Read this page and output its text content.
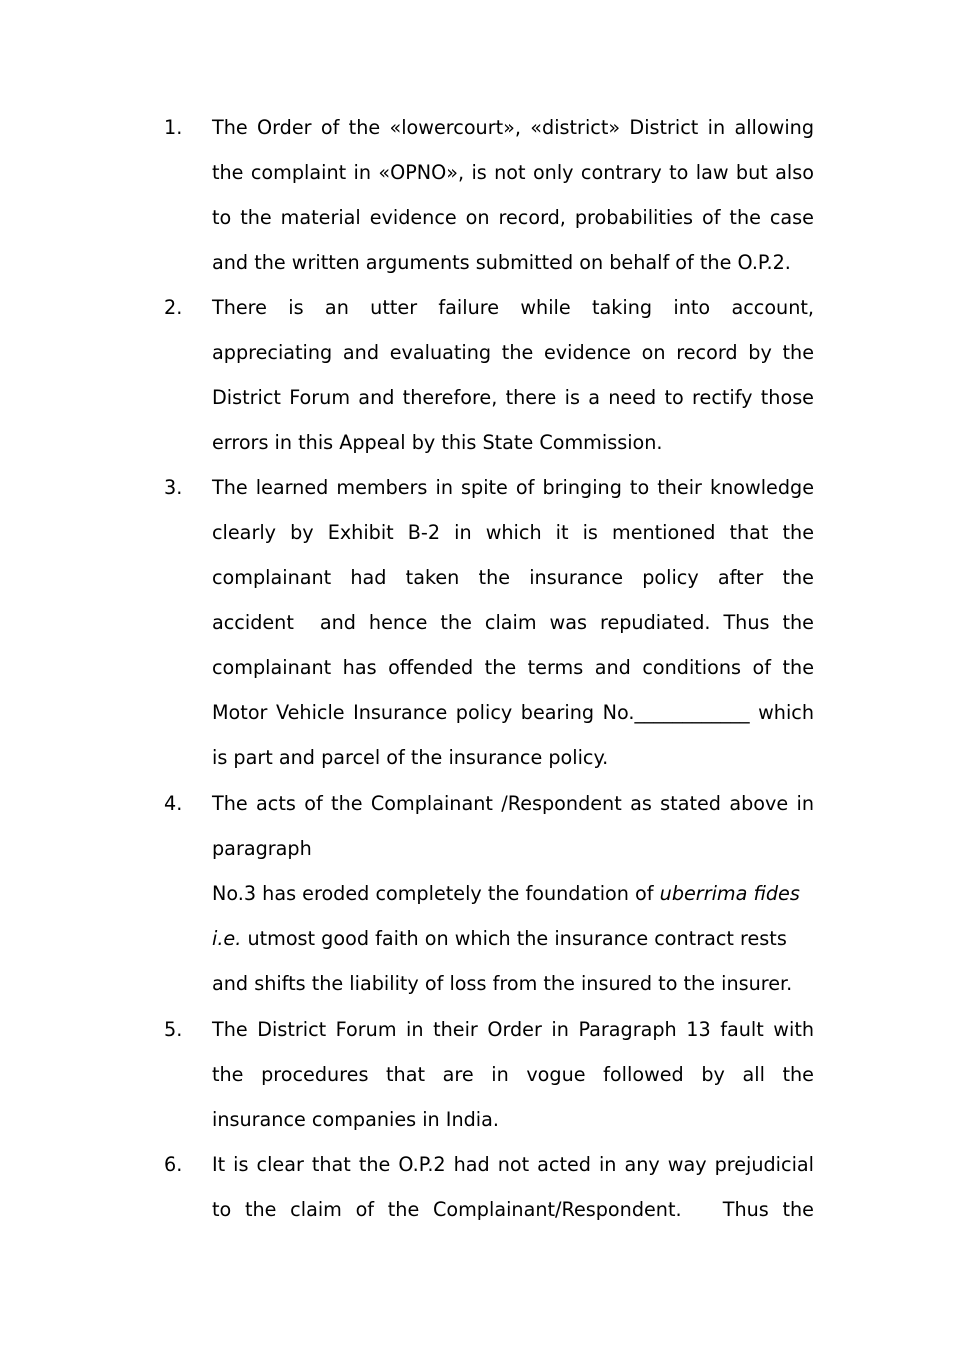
1. The Order of the «lowercourt», «district» District in allowing
the complaint in «OPNO», is not only contrary to law but also
to the material evidence on record, probabilities of the case
and the written arguments submitted on behalf of the O.P.2.
2. There is an utter failure while taking into account,
appreciating and evaluating the evidence on record by the
District Forum and therefore, there is a need to rectify those
errors in this Appeal by this State Commission.
3. The learned members in spite of bringing to their knowledge
clearly by Exhibit B-2 in which it is mentioned that the
complainant had taken the insurance policy after the
accident  and hence the claim was repudiated. Thus the
complainant has offended the terms and conditions of the
Motor Vehicle Insurance policy bearing No.____________ which
is part and parcel of the insurance policy.
4. The acts of the Complainant /Respondent as stated above in
paragraph
No.3 has eroded completely the foundation of uberrima fides
i.e. utmost good faith on which the insurance contract rests
and shifts the liability of loss from the insured to the insurer.
5. The District Forum in their Order in Paragraph 13 fault with
the procedures that are in vogue followed by all the
insurance companies in India.
6. It is clear that the O.P.2 had not acted in any way prejudicial
to the claim of the Complainant/Respondent.   Thus the
